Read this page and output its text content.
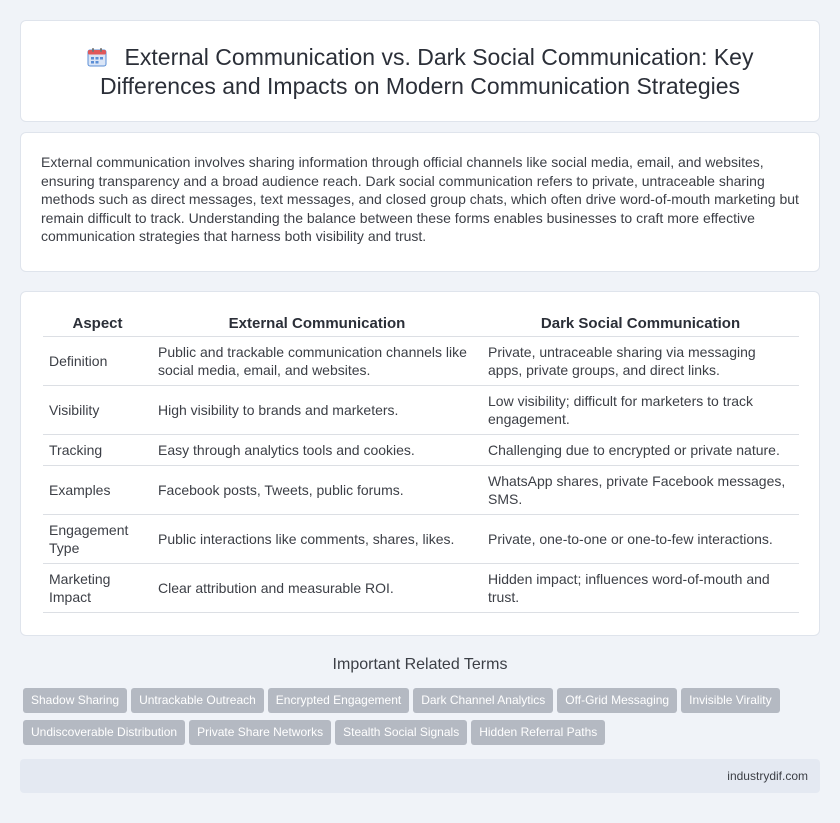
External Communication vs. Dark Social Communication: Key Differences and Impacts on Modern Communication Strategies

External communication involves sharing information through official channels like social media, email, and websites, ensuring transparency and a broad audience reach. Dark social communication refers to private, untraceable sharing methods such as direct messages, text messages, and closed group chats, which often drive word-of-mouth marketing but remain difficult to track. Understanding the balance between these forms enables businesses to craft more effective communication strategies that harness both visibility and trust.

Aspect	External Communication	Dark Social Communication
Definition	Public and trackable communication channels like social media, email, and websites.	Private, untraceable sharing via messaging apps, private groups, and direct links.
Visibility	High visibility to brands and marketers.	Low visibility; difficult for marketers to track engagement.
Tracking	Easy through analytics tools and cookies.	Challenging due to encrypted or private nature.
Examples	Facebook posts, Tweets, public forums.	WhatsApp shares, private Facebook messages, SMS.
Engagement Type	Public interactions like comments, shares, likes.	Private, one-to-one or one-to-few interactions.
Marketing Impact	Clear attribution and measurable ROI.	Hidden impact; influences word-of-mouth and trust.
Important Related Terms
Shadow Sharing Untrackable Outreach Encrypted Engagement Dark Channel Analytics Off-Grid Messaging Invisible Virality
Undiscoverable Distribution Private Share Networks Stealth Social Signals Hidden Referral Paths
industrydif.com
